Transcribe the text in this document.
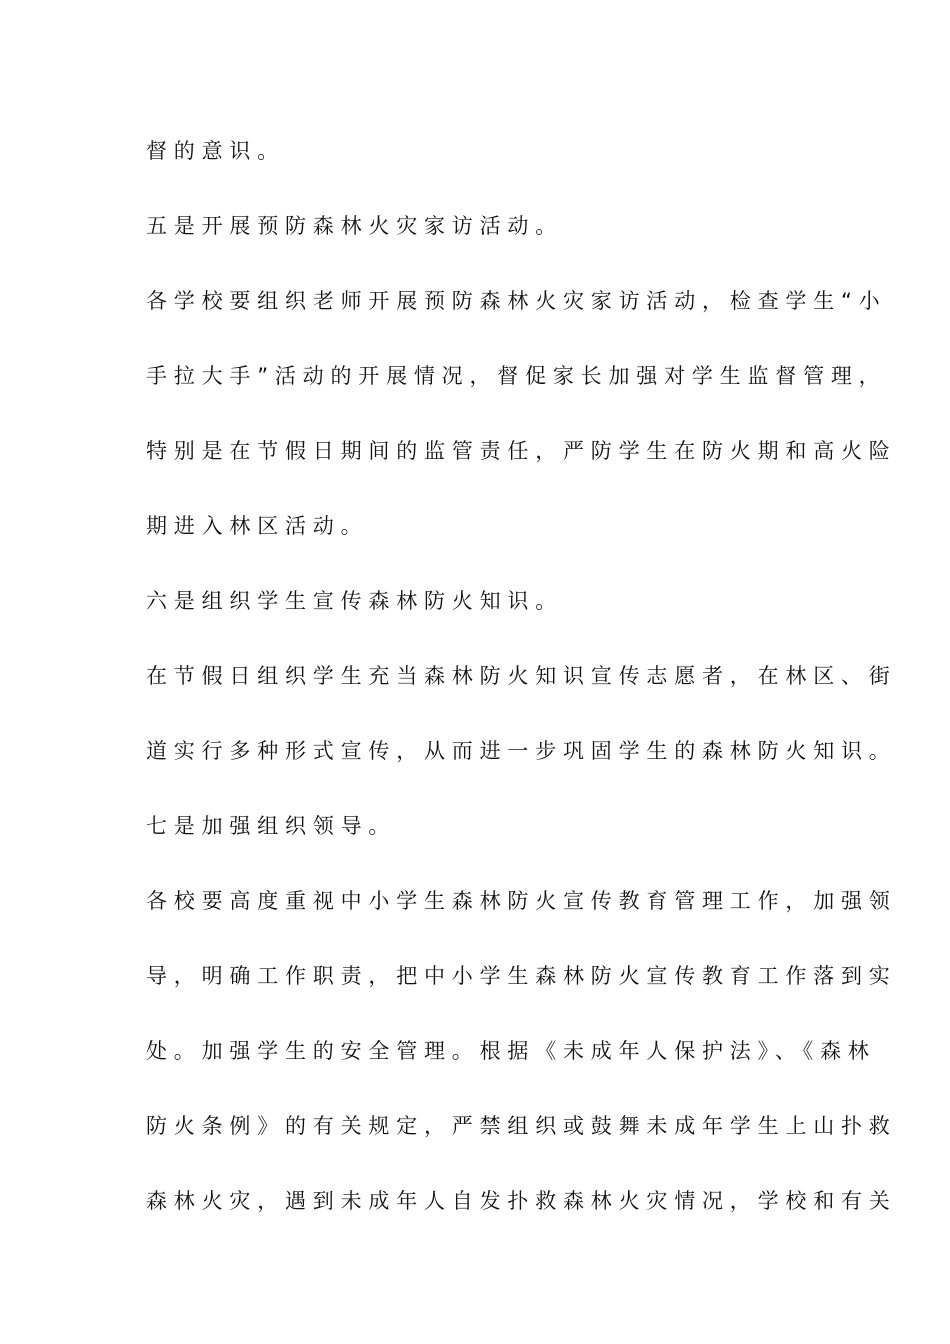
督的意识。
五是开展预防森林火灾家访活动。
各学校要组织老师开展预防森林火灾家访活动，检查学生“小
手拉大手”活动的开展情况，督促家长加强对学生监督管理，
特别是在节假日期间的监管责任，严防学生在防火期和高火险
期进入林区活动。
六是组织学生宣传森林防火知识。
在节假日组织学生充当森林防火知识宣传志愿者，在林区、街
道实行多种形式宣传，从而进一步巩固学生的森林防火知识。
七是加强组织领导。
各校要高度重视中小学生森林防火宣传教育管理工作，加强领
导，明确工作职责，把中小学生森林防火宣传教育工作落到实
处。加强学生的安全管理。根据《未成年人保护法》、《森林
防火条例》的有关规定，严禁组织或鼓舞未成年学生上山扑救
森林火灾，遇到未成年人自发扑救森林火灾情况，学校和有关
